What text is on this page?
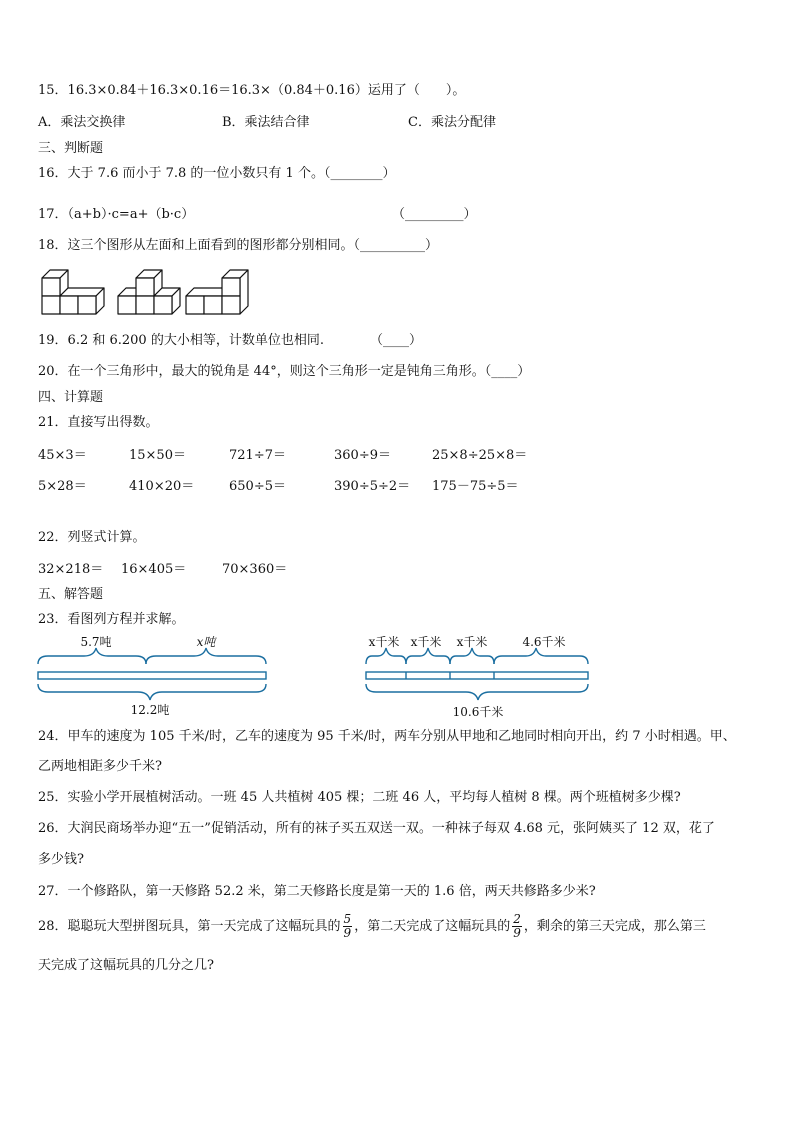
15．16.3×0.84＋16.3×0.16＝16.3×（0.84＋0.16）运用了（　　）。
A．乘法交换律	B．乘法结合律	C．乘法分配律
三、判断题
16．大于 7.6 而小于 7.8 的一位小数只有 1 个。（________）
17．（a+b）·c=a+（b·c）	（_________）
18．这三个图形从左面和上面看到的图形都分别相同。（__________）
19．6.2 和 6.200 的大小相等，计数单位也相同.	（____）
20．在一个三角形中，最大的锐角是 44°，则这个三角形一定是钝角三角形。（____）
四、计算题
21．直接写出得数。
45×3＝	15×50＝	721÷7＝	360÷9＝	25×8÷25×8＝
5×28＝	410×20＝	650÷5＝	390÷5÷2＝ 175－75÷5＝
22．列竖式计算。
32×218＝ 16×405＝	70×360＝
五、解答题
23．看图列方程并求解。
5.7吨	x吨
12.2吨
x千米 x千米 x千米	4.6千米
10.6千米
24．甲车的速度为 105 千米/时，乙车的速度为 95 千米/时，两车分别从甲地和乙地同时相向开出，约 7 小时相遇。甲、
乙两地相距多少千米?
25．实验小学开展植树活动。一班 45 人共植树 405 棵；二班 46 人，平均每人植树 8 棵。两个班植树多少棵?
26．大润民商场举办迎“五一”促销活动，所有的袜子买五双送一双。一种袜子每双 4.68 元，张阿姨买了 12 双，花了
多少钱?
27．一个修路队，第一天修路 52.2 米，第二天修路长度是第一天的 1.6 倍，两天共修路多少米?
28．聪聪玩大型拼图玩具，第一天完成了这幅玩具的 $\frac{5}{9}$ ，第二天完成了这幅玩具的 $\frac{2}{9}$ ，剩余的第三天完成，那么第三
天完成了这幅玩具的几分之几?
